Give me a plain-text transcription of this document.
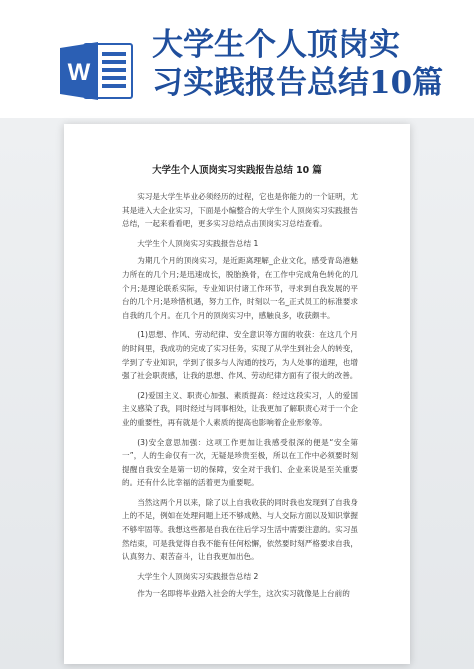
W
大学生个人顶岗实
习实践报告总结10篇
大学生个人顶岗实习实践报告总结 10 篇

实习是大学生毕业必须经历的过程，它也是你能力的一个证明，尤其是进入大企业实习，下面是小编整合的大学生个人顶岗实习实践报告总结，一起来看看吧，更多实习总结点击顶岗实习总结查看。

大学生个人顶岗实习实践报告总结 1

为期几个月的顶岗实习，是近距离理解_企业文化，感受青岛港魅力所在的几个月;是迅速成长，脱胎换骨，在工作中完成角色转化的几个月;是理论联系实际，专业知识付诸工作环节，寻求到自我发展的平台的几个月;是珍惜机遇，努力工作，时刻以一名_正式员工的标准要求自我的几个月。在几个月的顶岗实习中，感触良多，收获颇丰。

(1)思想、作风、劳动纪律、安全意识等方面的收获：在这几个月的时间里，我成功的完成了实习任务，实现了从学生到社会人的转变，学到了专业知识，学到了很多与人沟通的技巧，为人处事的道理，也增强了社会职责感，让我的思想、作风、劳动纪律方面有了很大的改善。

(2)爱国主义、职责心加强、素质提高：经过这段实习，人的爱国主义感染了我，同时经过与同事相处，让我更加了解职责心对于一个企业的重要性，再有就是个人素质的提高也影响着企业形象等。

(3)安全意思加强：这项工作更加让我感受很深的便是“安全第一”，人的生命仅有一次，无疑是珍贵至极，所以在工作中必须要时刻提醒自我安全是第一切的保障，安全对于我们、企业来说是至关重要的。还有什么比幸福的活着更为重要呢。

当然这两个月以来，除了以上自我收获的同时我也发现到了自我身上的不足，例如在处理问题上还不够成熟、与人交际方面以及知识掌握不够牢固等。我想这些都是自我在往后学习生活中需要注意的。实习虽然结束，可是我觉得自我不能有任何松懈，依然要时刻严格要求自我，认真努力、艰苦奋斗，让自我更加出色。

大学生个人顶岗实习实践报告总结 2

作为一名即将毕业踏入社会的大学生，这次实习就像是上台前的
